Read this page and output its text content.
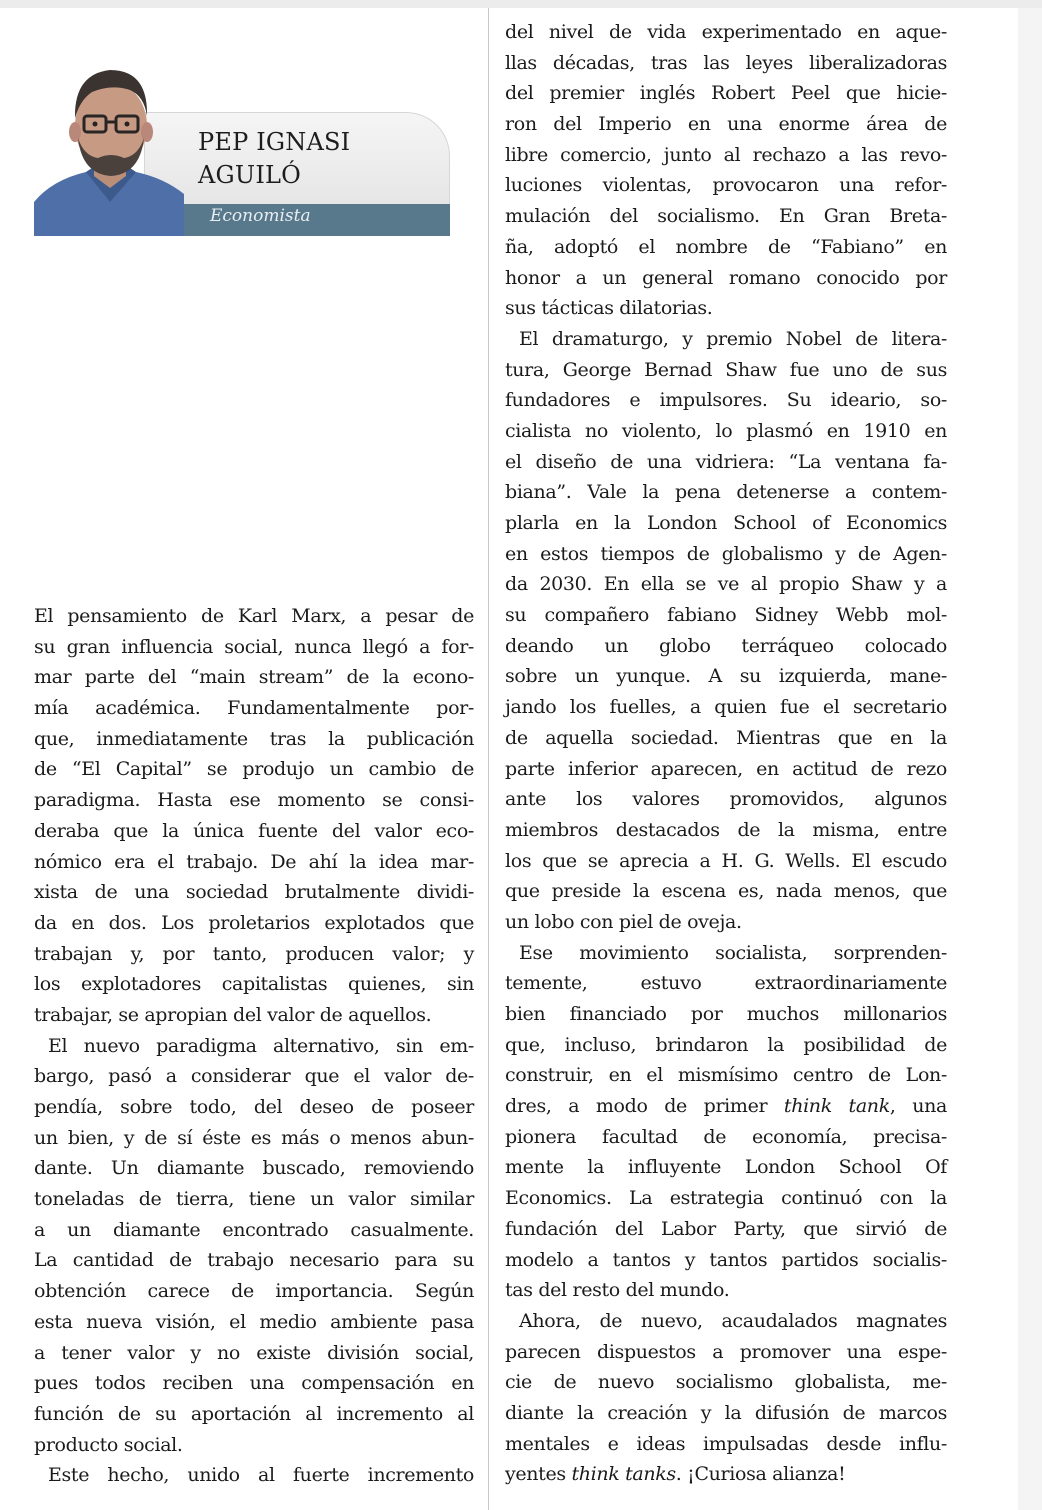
Economista
PEP IGNASI
AGUILÓ
El pensamiento de Karl Marx, a pesar de
su gran influencia social, nunca llegó a for-
mar parte del “main stream” de la econo-
mía académica. Fundamentalmente por-
que, inmediatamente tras la publicación
de “El Capital” se produjo un cambio de
paradigma. Hasta ese momento se consi-
deraba que la única fuente del valor eco-
nómico era el trabajo. De ahí la idea mar-
xista de una sociedad brutalmente dividi-
da en dos. Los proletarios explotados que
trabajan y, por tanto, producen valor; y
los explotadores capitalistas quienes, sin
trabajar, se apropian del valor de aquellos.
El nuevo paradigma alternativo, sin em-
bargo, pasó a considerar que el valor de-
pendía, sobre todo, del deseo de poseer
un bien, y de sí éste es más o menos abun-
dante. Un diamante buscado, removiendo
toneladas de tierra, tiene un valor similar
a un diamante encontrado casualmente.
La cantidad de trabajo necesario para su
obtención carece de importancia. Según
esta nueva visión, el medio ambiente pasa
a tener valor y no existe división social,
pues todos reciben una compensación en
función de su aportación al incremento al
producto social.
Este hecho, unido al fuerte incremento
del nivel de vida experimentado en aque-
llas décadas, tras las leyes liberalizadoras
del premier inglés Robert Peel que hicie-
ron del Imperio en una enorme área de
libre comercio, junto al rechazo a las revo-
luciones violentas, provocaron una refor-
mulación del socialismo. En Gran Breta-
ña, adoptó el nombre de “Fabiano” en
honor a un general romano conocido por
sus tácticas dilatorias.
El dramaturgo, y premio Nobel de litera-
tura, George Bernad Shaw fue uno de sus
fundadores e impulsores. Su ideario, so-
cialista no violento, lo plasmó en 1910 en
el diseño de una vidriera: “La ventana fa-
biana”. Vale la pena detenerse a contem-
plarla en la London School of Economics
en estos tiempos de globalismo y de Agen-
da 2030. En ella se ve al propio Shaw y a
su compañero fabiano Sidney Webb mol-
deando un globo terráqueo colocado
sobre un yunque. A su izquierda, mane-
jando los fuelles, a quien fue el secretario
de aquella sociedad. Mientras que en la
parte inferior aparecen, en actitud de rezo
ante los valores promovidos, algunos
miembros destacados de la misma, entre
los que se aprecia a H. G. Wells. El escudo
que preside la escena es, nada menos, que
un lobo con piel de oveja.
Ese movimiento socialista, sorprenden-
temente, estuvo extraordinariamente
bien financiado por muchos millonarios
que, incluso, brindaron la posibilidad de
construir, en el mismísimo centro de Lon-
dres, a modo de primer think tank, una
pionera facultad de economía, precisa-
mente la influyente London School Of
Economics. La estrategia continuó con la
fundación del Labor Party, que sirvió de
modelo a tantos y tantos partidos socialis-
tas del resto del mundo.
Ahora, de nuevo, acaudalados magnates
parecen dispuestos a promover una espe-
cie de nuevo socialismo globalista, me-
diante la creación y la difusión de marcos
mentales e ideas impulsadas desde influ-
yentes think tanks. ¡Curiosa alianza!
